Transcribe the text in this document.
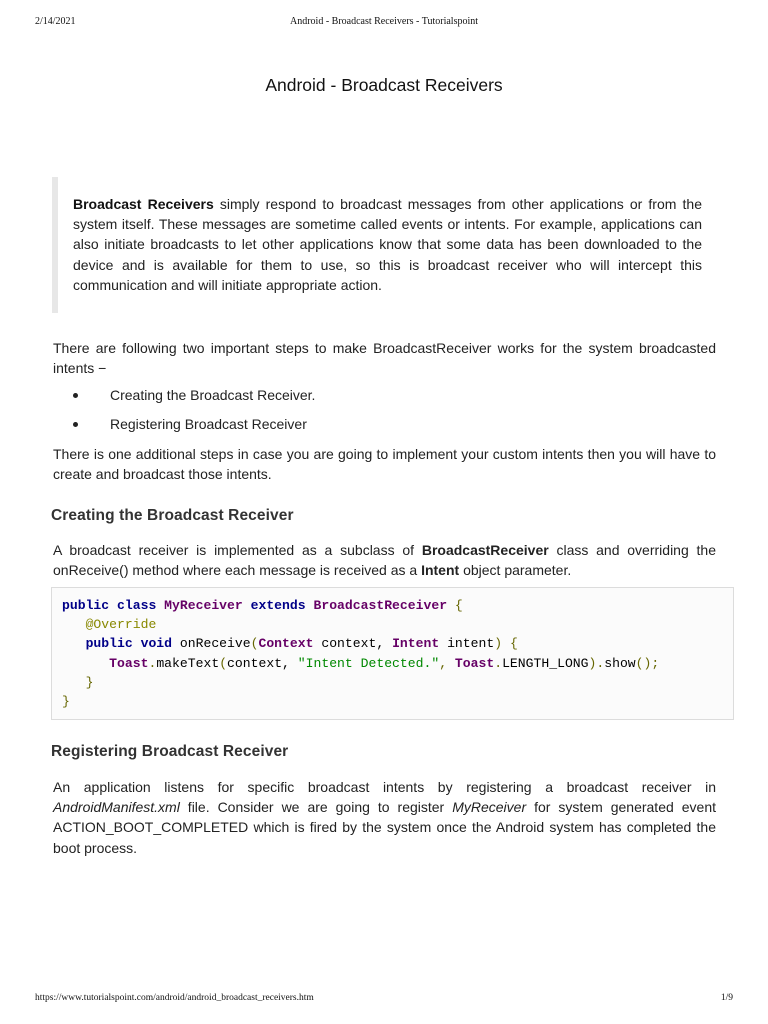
2/14/2021	Android - Broadcast Receivers - Tutorialspoint
Android - Broadcast Receivers

Broadcast Receivers simply respond to broadcast messages from other applications or from the system itself. These messages are sometime called events or intents. For example, applications can also initiate broadcasts to let other applications know that some data has been downloaded to the device and is available for them to use, so this is broadcast receiver who will intercept this communication and will initiate appropriate action.

There are following two important steps to make BroadcastReceiver works for the system broadcasted intents −

Creating the Broadcast Receiver.
Registering Broadcast Receiver

There is one additional steps in case you are going to implement your custom intents then you will have to create and broadcast those intents.

Creating the Broadcast Receiver

A broadcast receiver is implemented as a subclass of BroadcastReceiver class and overriding the onReceive() method where each message is received as a Intent object parameter.

public class MyReceiver extends BroadcastReceiver {
@Override
public void onReceive(Context context, Intent intent) {
Toast.makeText(context, "Intent Detected.", Toast.LENGTH_LONG).show();
}
}
Registering Broadcast Receiver

An application listens for specific broadcast intents by registering a broadcast receiver in AndroidManifest.xml file. Consider we are going to register MyReceiver for system generated event ACTION_BOOT_COMPLETED which is fired by the system once the Android system has completed the boot process.

https://www.tutorialspoint.com/android/android_broadcast_receivers.htm	1/9
